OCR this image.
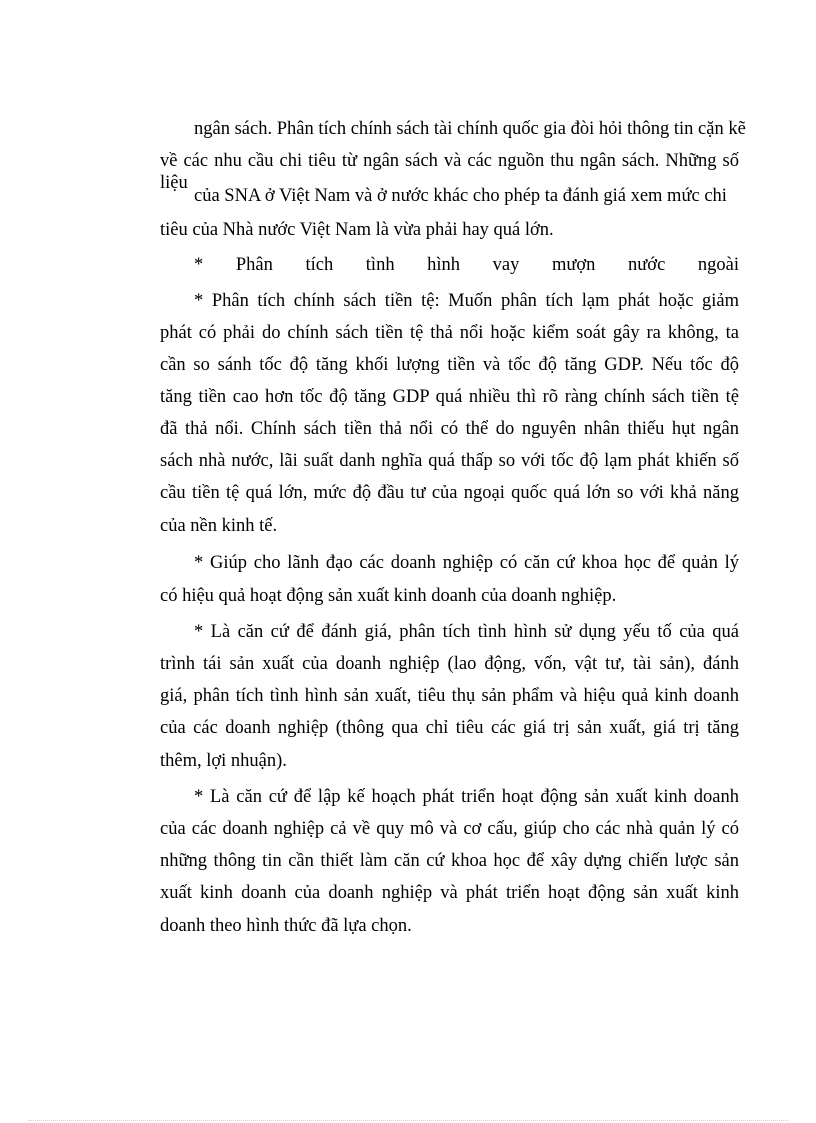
ngân sách. Phân tích chính sách tài chính quốc gia đòi hỏi thông tin cặn kẽ
về các nhu cầu chi tiêu từ ngân sách và các nguồn thu ngân sách. Những số liệu
của SNA ở Việt Nam và ở nước khác cho phép ta đánh giá xem mức chi
tiêu của Nhà nước Việt Nam là vừa phải hay quá lớn.
* Phân tích tình hình vay mượn nước ngoài
* Phân tích chính sách tiền tệ: Muốn phân tích lạm phát hoặc giảm
phát có phải do chính sách tiền tệ thả nổi hoặc kiểm soát gây ra không, ta
cần so sánh tốc độ tăng khối lượng tiền và tốc độ tăng GDP. Nếu tốc độ
tăng tiền cao hơn tốc độ tăng GDP quá nhiều thì rõ ràng chính sách tiền tệ
đã thả nổi. Chính sách tiền thả nổi có thể do nguyên nhân thiếu hụt ngân
sách nhà nước, lãi suất danh nghĩa quá thấp so với tốc độ lạm phát khiến số
cầu tiền tệ quá lớn, mức độ đầu tư của ngoại quốc quá lớn so với khả năng
của nền kinh tế.
* Giúp cho lãnh đạo các doanh nghiệp có căn cứ khoa học để quản lý
có hiệu quả hoạt động sản xuất kinh doanh của doanh nghiệp.
* Là căn cứ để đánh giá, phân tích tình hình sử dụng yếu tố của quá
trình tái sản xuất của doanh nghiệp (lao động, vốn, vật tư, tài sản), đánh
giá, phân tích tình hình sản xuất, tiêu thụ sản phẩm và hiệu quả kinh doanh
của các doanh nghiệp (thông qua chỉ tiêu các giá trị sản xuất, giá trị tăng
thêm, lợi nhuận).
* Là căn cứ để lập kế hoạch phát triển hoạt động sản xuất kinh doanh
của các doanh nghiệp cả về quy mô và cơ cấu, giúp cho các nhà quản lý có
những thông tin cần thiết làm căn cứ khoa học để xây dựng chiến lược sản
xuất kinh doanh của doanh nghiệp và phát triển hoạt động sản xuất kinh
doanh theo hình thức đã lựa chọn.
